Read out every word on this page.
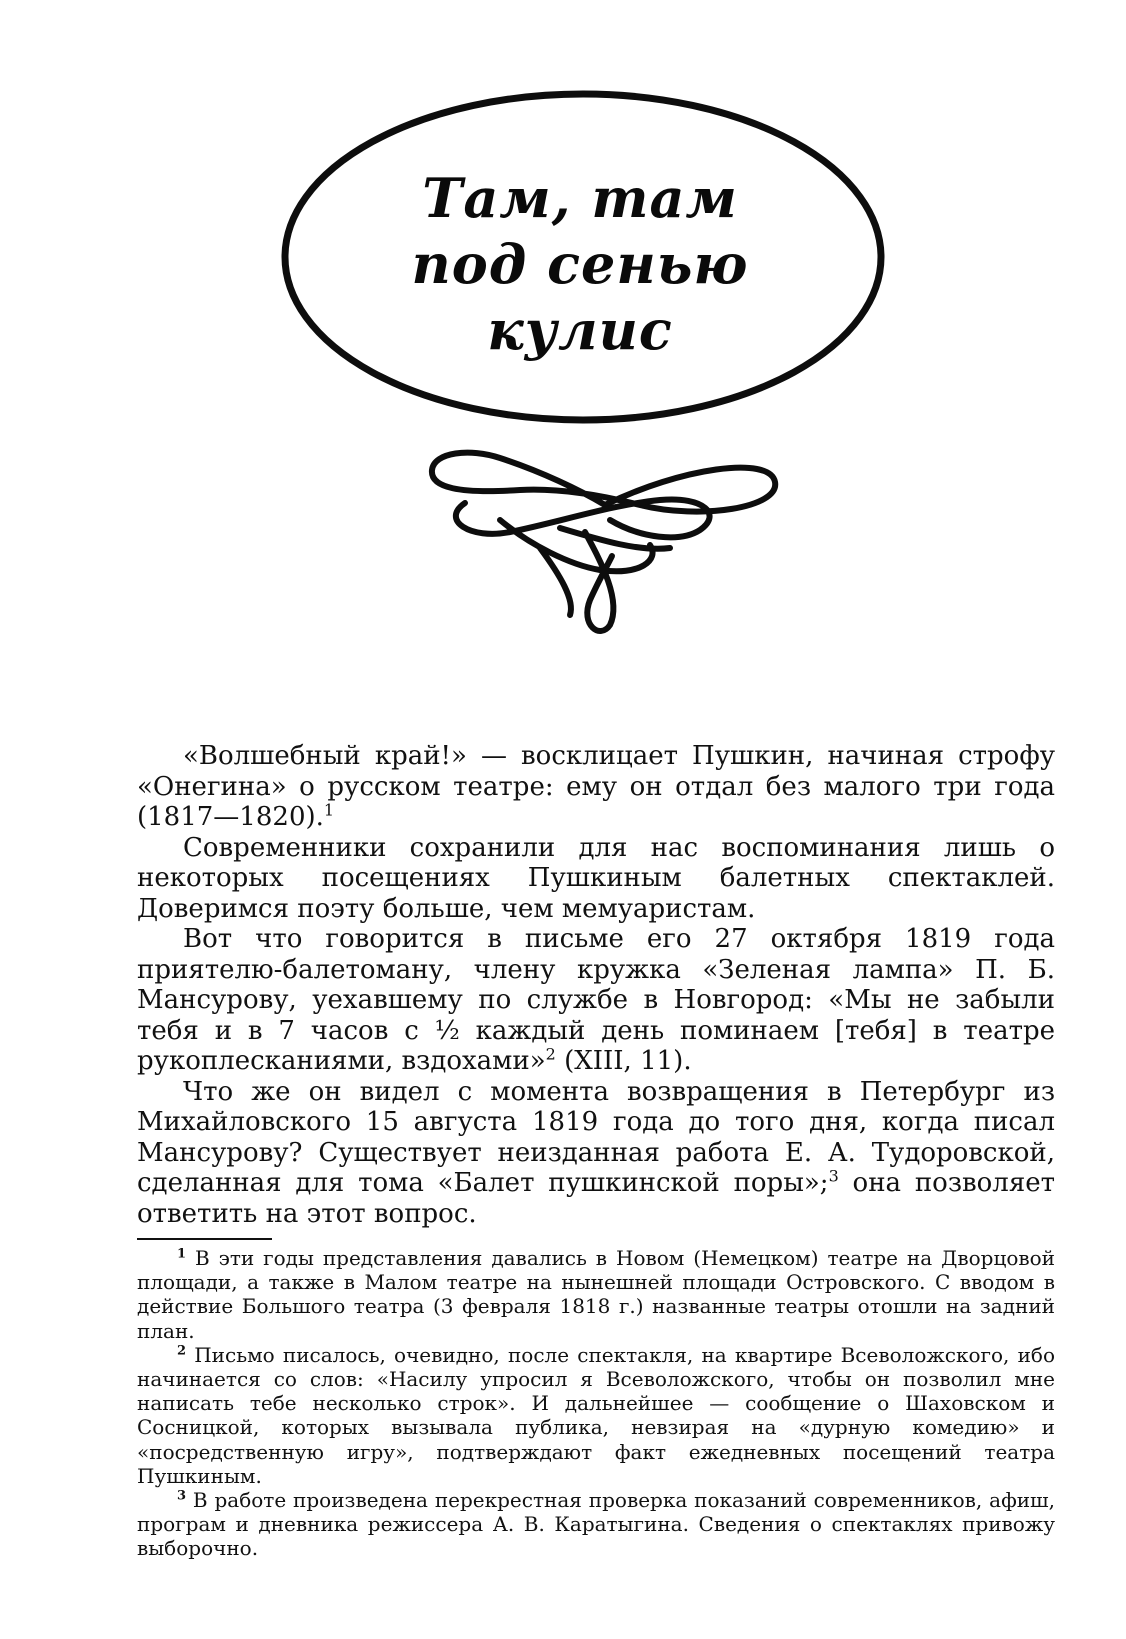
Там, там
под сенью
кулис

«Волшебный край!» — восклицает Пушкин, начиная строфу «Онегина» о русском театре: ему он отдал без малого три года (1817—1820).$^1$

Современники сохранили для нас воспоминания лишь о некоторых посещениях Пушкиным балетных спектаклей. Доверимся поэту больше, чем мемуаристам.

Вот что говорится в письме его 27 октября 1819 года приятелю-балетоману, члену кружка «Зеленая лампа» П. Б. Мансурову, уехавшему по службе в Новгород: «Мы не забыли тебя и в 7 часов с ½ каждый день поминаем [тебя] в театре рукоплесканиями, вздохами»$^2$ (XIII, 11).

Что же он видел с момента возвращения в Петербург из Михайловского 15 августа 1819 года до того дня, когда писал Мансурову? Существует неизданная работа Е. А. Тудоровской, сделанная для тома «Балет пушкинской поры»;$^3$ она позволяет ответить на этот вопрос.

$^1$ В эти годы представления давались в Новом (Немецком) театре на Дворцовой площади, а также в Малом театре на нынешней площади Островского. С вводом в действие Большого театра (3 февраля 1818 г.) названные театры отошли на задний план.

$^2$ Письмо писалось, очевидно, после спектакля, на квартире Всеволожского, ибо начинается со слов: «Насилу упросил я Всеволожского, чтобы он позволил мне написать тебе несколько строк». И дальнейшее — сообщение о Шаховском и Сосницкой, которых вызывала публика, невзирая на «дурную комедию» и «посредственную игру», подтверждают факт ежедневных посещений театра Пушкиным.

$^3$ В работе произведена перекрестная проверка показаний современников, афиш, програм и дневника режиссера А. В. Каратыгина. Сведения о спектаклях привожу выборочно.
